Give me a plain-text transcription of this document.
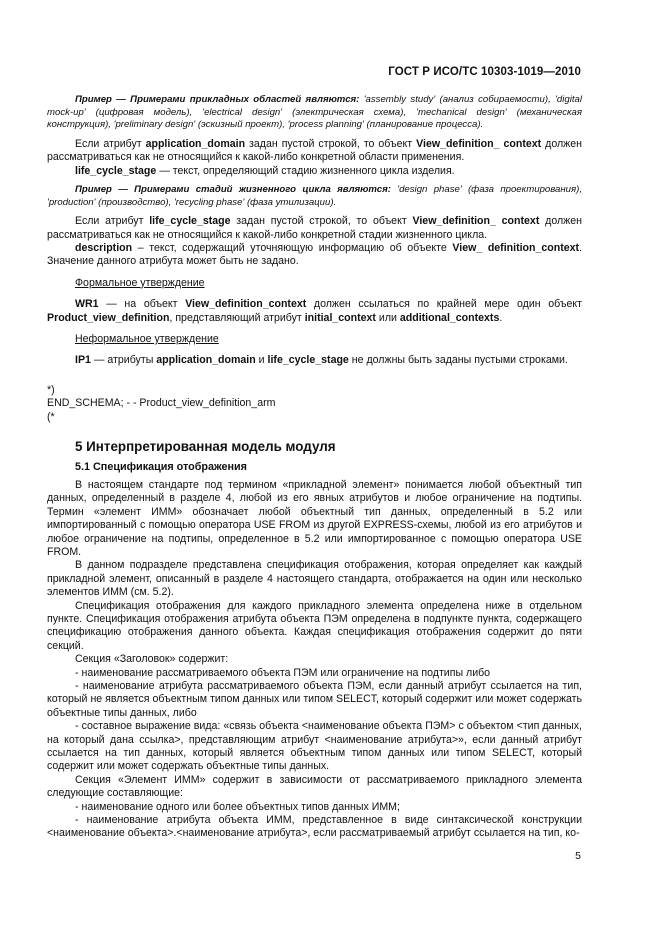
ГОСТ Р ИСО/ТС 10303-1019—2010

Пример — Примерами прикладных областей являются: 'assembly study' (анализ собираемости), 'digital mock-up' (цифровая модель), 'electrical design' (электрическая схема), 'mechanical design' (механическая конструкция), 'preliminary design' (эскизный проект), 'process planning' (планирование процесса).

Если атрибут application_domain задан пустой строкой, то объект View_definition_ context должен рассматриваться как не относящийся к какой-либо конкретной области применения.

life_cycle_stage — текст, определяющий стадию жизненного цикла изделия.

Пример — Примерами стадий жизненного цикла являются: 'design phase' (фаза проектирования), 'production' (производство), 'recycling phase' (фаза утилизации).

Если атрибут life_cycle_stage задан пустой строкой, то объект View_definition_ context должен рассматриваться как не относящийся к какой-либо конкретной стадии жизненного цикла.

description – текст, содержащий уточняющую информацию об объекте View_ definition_context. Значение данного атрибута может быть не задано.

Формальное утверждение

WR1 — на объект View_definition_context должен ссылаться по крайней мере один объект Product_view_definition, представляющий атрибут initial_context или additional_contexts.

Неформальное утверждение

IP1 — атрибуты application_domain и life_cycle_stage не должны быть заданы пустыми строками.

*)

END_SCHEMA; - - Product_view_definition_arm

(*

5 Интерпретированная модель модуля
5.1 Спецификация отображения

В настоящем стандарте под термином «прикладной элемент» понимается любой объектный тип данных, определенный в разделе 4, любой из его явных атрибутов и любое ограничение на подтипы. Термин «элемент ИММ» обозначает любой объектный тип данных, определенный в 5.2 или импортированный с помощью оператора USE FROM из другой EXPRESS-схемы, любой из его атрибутов и любое ограничение на подтипы, определенное в 5.2 или импортированное с помощью оператора USE FROM.

В данном подразделе представлена спецификация отображения, которая определяет как каждый прикладной элемент, описанный в разделе 4 настоящего стандарта, отображается на один или несколько элементов ИММ (см. 5.2).

Спецификация отображения для каждого прикладного элемента определена ниже в отдельном пункте. Спецификация отображения атрибута объекта ПЭМ определена в подпункте пункта, содержащего спецификацию отображения данного объекта. Каждая спецификация отображения содержит до пяти секций.

Секция «Заголовок» содержит:

- наименование рассматриваемого объекта ПЭМ или ограничение на подтипы либо

- наименование атрибута рассматриваемого объекта ПЭМ, если данный атрибут ссылается на тип, который не является объектным типом данных или типом SELECT, который содержит или может содержать объектные типы данных, либо

- составное выражение вида: «связь объекта <наименование объекта ПЭМ> с объектом <тип данных, на который дана ссылка>, представляющим атрибут <наименование атрибута>», если данный атрибут ссылается на тип данных, который является объектным типом данных или типом SELECT, который содержит или может содержать объектные типы данных.

Секция «Элемент ИММ» содержит в зависимости от рассматриваемого прикладного элемента следующие составляющие:

- наименование одного или более объектных типов данных ИММ;

- наименование атрибута объекта ИММ, представленное в виде синтаксической конструкции <наименование объекта>.<наименование атрибута>, если рассматриваемый атрибут ссылается на тип, ко-

5
